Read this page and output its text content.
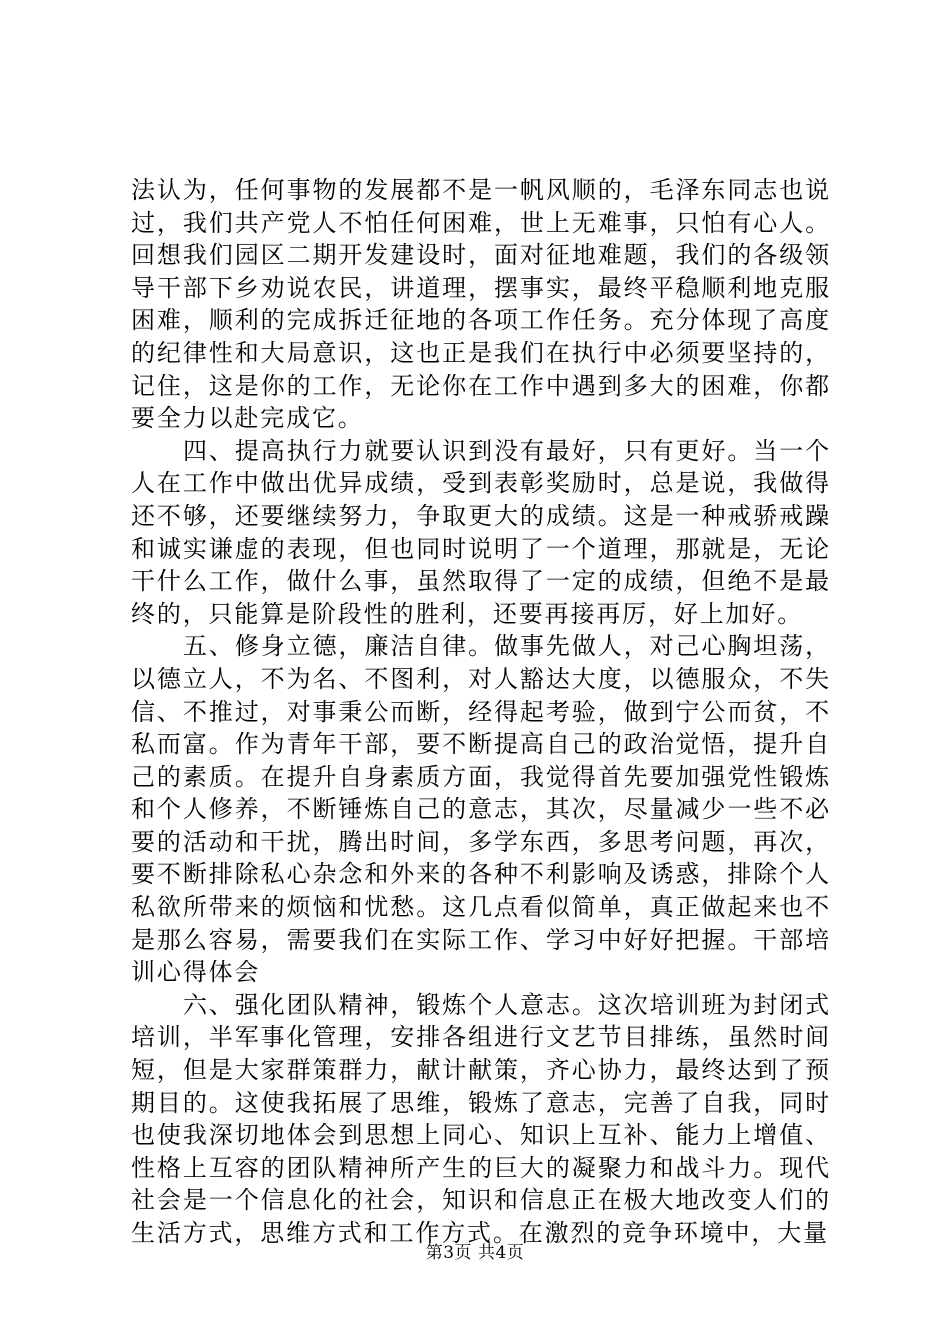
法认为，任何事物的发展都不是一帆风顺的，毛泽东同志也说过，我们共产党人不怕任何困难，世上无难事，只怕有心人。回想我们园区二期开发建设时，面对征地难题，我们的各级领导干部下乡劝说农民，讲道理，摆事实，最终平稳顺利地克服困难，顺利的完成拆迁征地的各项工作任务。充分体现了高度的纪律性和大局意识，这也正是我们在执行中必须要坚持的，记住，这是你的工作，无论你在工作中遇到多大的困难，你都要全力以赴完成它。

四、提高执行力就要认识到没有最好，只有更好。当一个人在工作中做出优异成绩，受到表彰奖励时，总是说，我做得还不够，还要继续努力，争取更大的成绩。这是一种戒骄戒躁和诚实谦虚的表现，但也同时说明了一个道理，那就是，无论干什么工作，做什么事，虽然取得了一定的成绩，但绝不是最终的，只能算是阶段性的胜利，还要再接再厉，好上加好。

五、修身立德，廉洁自律。做事先做人，对己心胸坦荡，以德立人，不为名、不图利，对人豁达大度，以德服众，不失信、不推过，对事秉公而断，经得起考验，做到宁公而贫，不私而富。作为青年干部，要不断提高自己的政治觉悟，提升自己的素质。在提升自身素质方面，我觉得首先要加强党性锻炼和个人修养，不断锤炼自己的意志，其次，尽量减少一些不必要的活动和干扰，腾出时间，多学东西，多思考问题，再次，要不断排除私心杂念和外来的各种不利影响及诱惑，排除个人私欲所带来的烦恼和忧愁。这几点看似简单，真正做起来也不是那么容易，需要我们在实际工作、学习中好好把握。干部培训心得体会

六、强化团队精神，锻炼个人意志。这次培训班为封闭式培训，半军事化管理，安排各组进行文艺节目排练，虽然时间短，但是大家群策群力，献计献策，齐心协力，最终达到了预期目的。这使我拓展了思维，锻炼了意志，完善了自我，同时也使我深切地体会到思想上同心、知识上互补、能力上增值、性格上互容的团队精神所产生的巨大的凝聚力和战斗力。现代社会是一个信息化的社会，知识和信息正在极大地改变人们的生活方式，思维方式和工作方式。在激烈的竞争环境中，大量

第3页 共4页
